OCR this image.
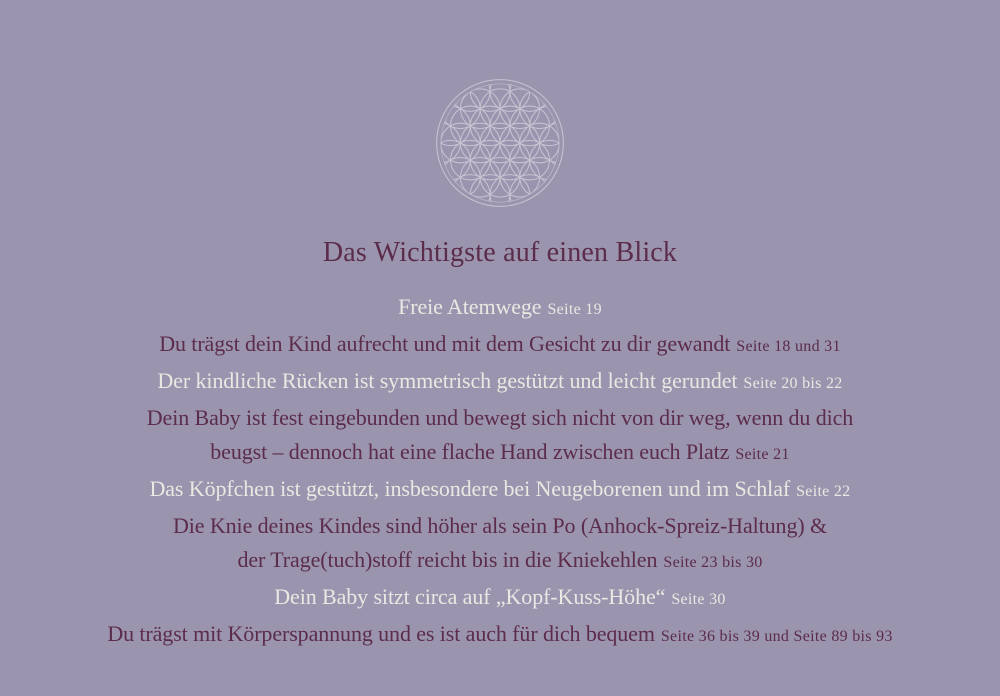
Das Wichtigste auf einen Blick

Freie Atemwege Seite 19

Du trägst dein Kind aufrecht und mit dem Gesicht zu dir gewandt Seite 18 und 31

Der kindliche Rücken ist symmetrisch gestützt und leicht gerundet Seite 20 bis 22

Dein Baby ist fest eingebunden und bewegt sich nicht von dir weg, wenn du dich
beugst – dennoch hat eine flache Hand zwischen euch Platz Seite 21

Das Köpfchen ist gestützt, insbesondere bei Neugeborenen und im Schlaf Seite 22

Die Knie deines Kindes sind höher als sein Po (Anhock-Spreiz-Haltung) &
der Trage(tuch)stoff reicht bis in die Kniekehlen Seite 23 bis 30

Dein Baby sitzt circa auf „Kopf-Kuss-Höhe“ Seite 30

Du trägst mit Körperspannung und es ist auch für dich bequem Seite 36 bis 39 und Seite 89 bis 93
